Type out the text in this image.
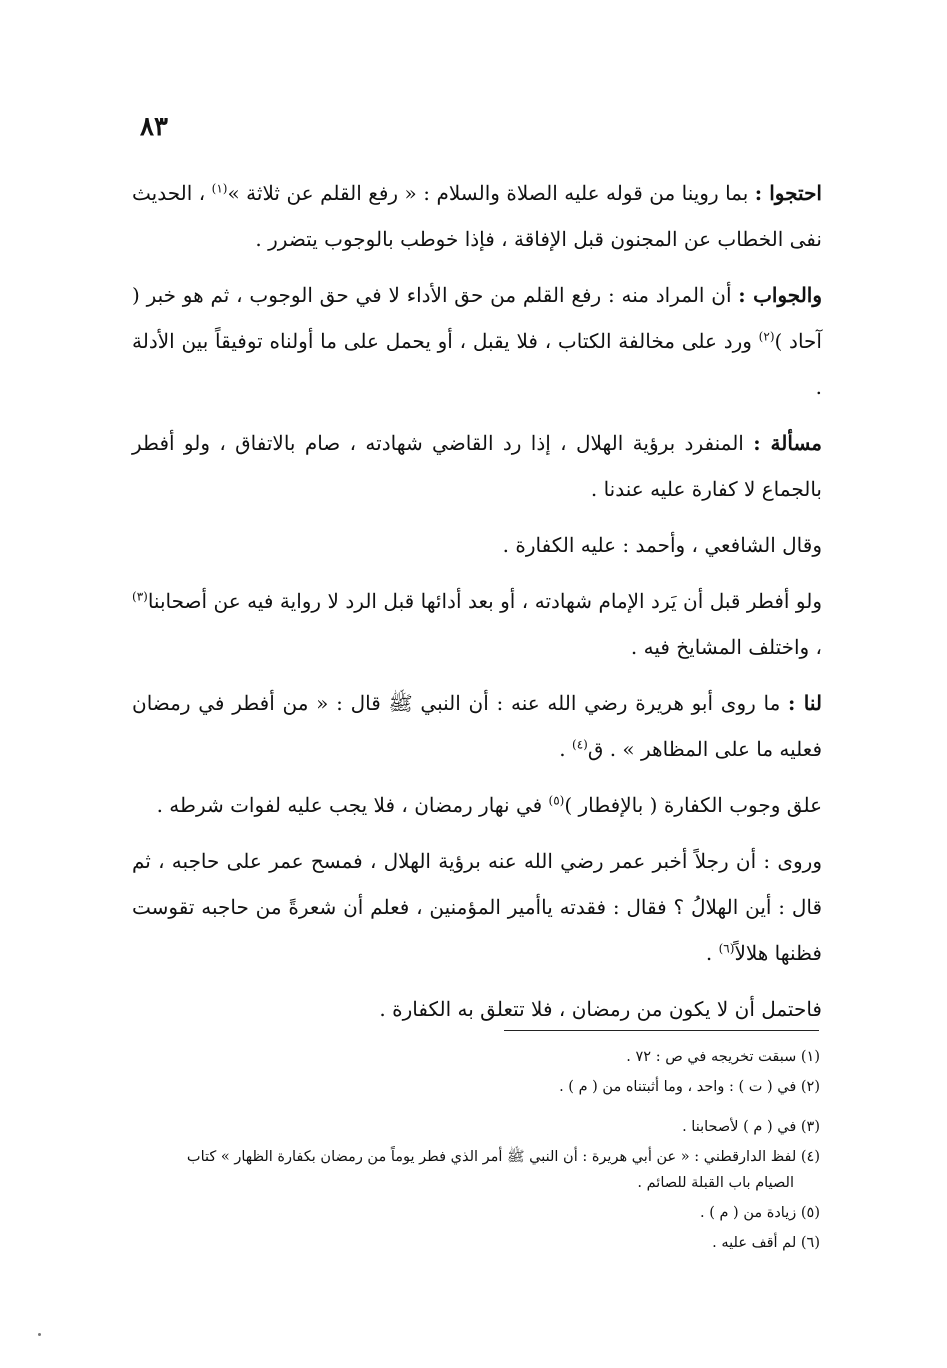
٨٣

احتجوا : بما روينا من قوله عليه الصلاة والسلام : « رفع القلم عن ثلاثة »$^{(١)}$ ، الحديث نفى الخطاب عن المجنون قبل الإفاقة ، فإذا خوطب بالوجوب يتضرر .

والجواب : أن المراد منه : رفع القلم من حق الأداء لا في حق الوجوب ، ثم هو خبر ( آحاد )$^{(٢)}$ ورد على مخالفة الكتاب ، فلا يقبل ، أو يحمل على ما أولناه توفيقاً بين الأدلة .

مسألة : المنفرد برؤية الهلال ، إذا رد القاضي شهادته ، صام بالاتفاق ، ولو أفطر بالجماع لا كفارة عليه عندنا .

وقال الشافعي ، وأحمد : عليه الكفارة .

ولو أفطر قبل أن يَرد الإمام شهادته ، أو بعد أدائها قبل الرد لا رواية فيه عن أصحابنا$^{(٣)}$ ، واختلف المشايخ فيه .

لنا : ما روى أبو هريرة رضي الله عنه : أن النبي ﷺ قال : « من أفطر في رمضان فعليه ما على المظاهر » . ق$^{(٤)}$ .

علق وجوب الكفارة ( بالإفطار )$^{(٥)}$ في نهار رمضان ، فلا يجب عليه لفوات شرطه .

وروى : أن رجلاً أخبر عمر رضي الله عنه برؤية الهلال ، فمسح عمر على حاجبه ، ثم قال : أين الهلالُ ؟ فقال : فقدته ياأمير المؤمنين ، فعلم أن شعرةً من حاجبه تقوست فظنها هلالاً$^{(٦)}$ .

فاحتمل أن لا يكون من رمضان ، فلا تتعلق به الكفارة .

(١) سبقت تخريجه في ص : ٧٢ .
(٢) في ( ت ) : واحد ، وما أثبتناه من ( م ) .
(٣) في ( م ) لأصحابنا .
(٤) لفظ الدارقطني : « عن أبي هريرة : أن النبي ﷺ أمر الذي فطر يوماً من رمضان بكفارة الظهار » كتاب
الصيام باب القبلة للصائم .
(٥) زيادة من ( م ) .
(٦) لم أقف عليه .
